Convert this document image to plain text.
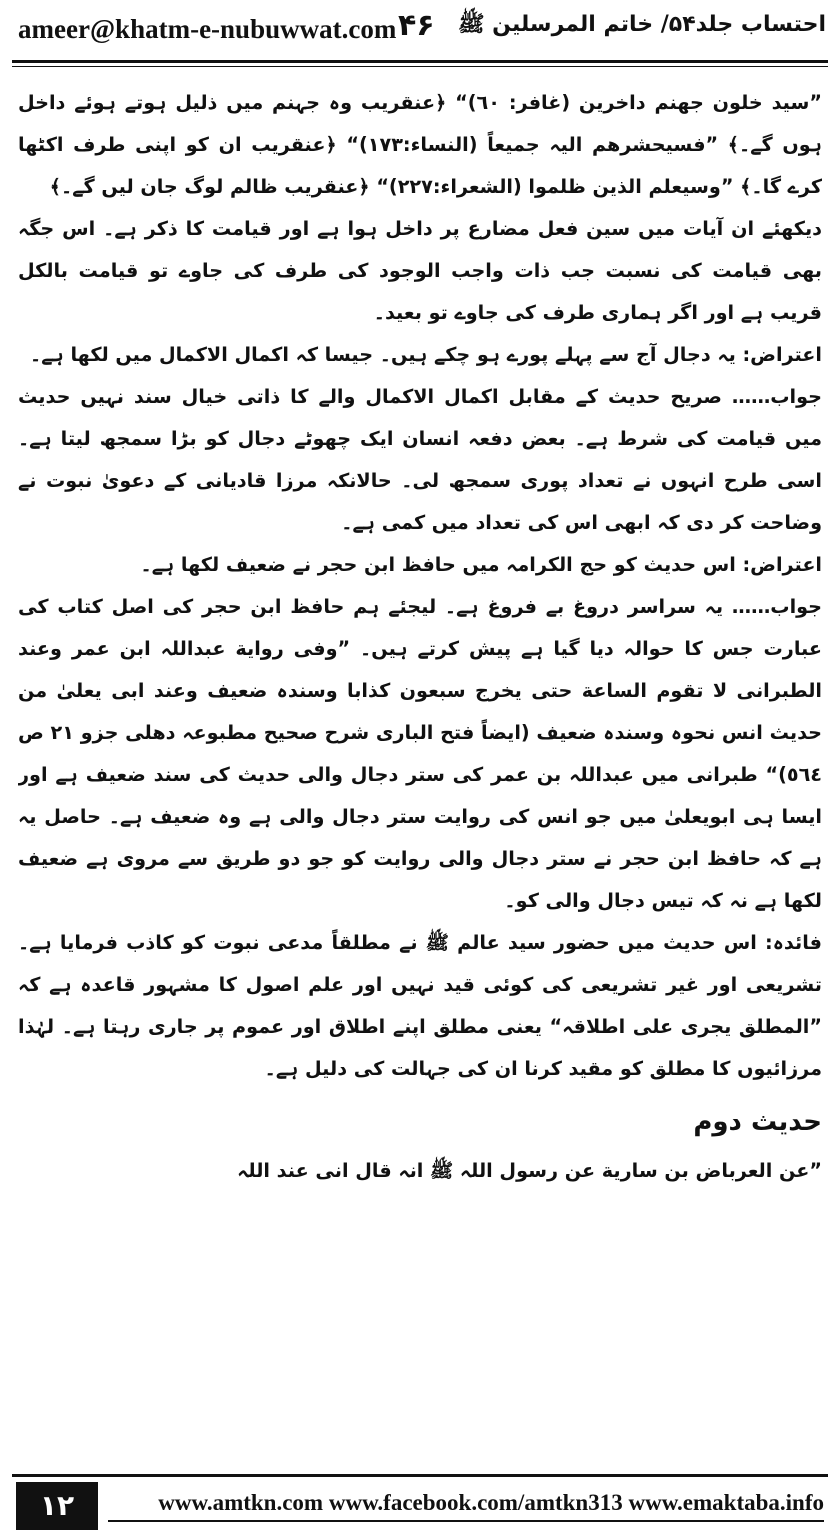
ameer@khatm-e-nubuwwat.com ۴۶ احتساب جلد۵۴/ خاتم المرسلین ﷺ

”سید خلون جھنم داخرین (غافر: ٦٠)“ ﴿عنقریب وہ جہنم میں ذلیل ہوتے ہوئے داخل ہوں گے۔﴾ ”فسیحشرھم الیہ جمیعاً (النساء:١٧٣)“ ﴿عنقریب ان کو اپنی طرف اکٹھا کرے گا۔﴾ ”وسیعلم الذین ظلموا (الشعراء:٢٢٧)“ ﴿عنقریب ظالم لوگ جان لیں گے۔﴾

دیکھئے ان آیات میں سین فعل مضارع پر داخل ہوا ہے اور قیامت کا ذکر ہے۔ اس جگہ بھی قیامت کی نسبت جب ذات واجب الوجود کی طرف کی جاوے تو قیامت بالکل قریب ہے اور اگر ہماری طرف کی جاوے تو بعید۔

اعتراض: یہ دجال آج سے پہلے پورے ہو چکے ہیں۔ جیسا کہ اکمال الاکمال میں لکھا ہے۔

جواب…… صریح حدیث کے مقابل اکمال الاکمال والے کا ذاتی خیال سند نہیں حدیث میں قیامت کی شرط ہے۔ بعض دفعہ انسان ایک چھوٹے دجال کو بڑا سمجھ لیتا ہے۔ اسی طرح انہوں نے تعداد پوری سمجھ لی۔ حالانکہ مرزا قادیانی کے دعویٰ نبوت نے وضاحت کر دی کہ ابھی اس کی تعداد میں کمی ہے۔

اعتراض: اس حدیث کو حج الکرامہ میں حافظ ابن حجر نے ضعیف لکھا ہے۔

جواب…… یہ سراسر دروغ بے فروغ ہے۔ لیجئے ہم حافظ ابن حجر کی اصل کتاب کی عبارت جس کا حوالہ دیا گیا ہے پیش کرتے ہیں۔ ”وفی روایة عبداللہ ابن عمر وعند الطبرانی لا تقوم الساعة حتی یخرج سبعون کذابا وسندہ ضعیف وعند ابی یعلیٰ من حدیث انس نحوہ وسندہ ضعیف (ایضاً فتح الباری شرح صحیح مطبوعہ دھلی جزو ٢١ ص ٥٦٤)“ طبرانی میں عبداللہ بن عمر کی ستر دجال والی حدیث کی سند ضعیف ہے اور ایسا ہی ابویعلیٰ میں جو انس کی روایت ستر دجال والی ہے وہ ضعیف ہے۔ حاصل یہ ہے کہ حافظ ابن حجر نے ستر دجال والی روایت کو جو دو طریق سے مروی ہے ضعیف لکھا ہے نہ کہ تیس دجال والی کو۔

فائدہ: اس حدیث میں حضور سید عالم ﷺ نے مطلقاً مدعی نبوت کو کاذب فرمایا ہے۔ تشریعی اور غیر تشریعی کی کوئی قید نہیں اور علم اصول کا مشہور قاعدہ ہے کہ ”المطلق یجری علی اطلاقہ“ یعنی مطلق اپنے اطلاق اور عموم پر جاری رہتا ہے۔ لہٰذا مرزائیوں کا مطلق کو مقید کرنا ان کی جہالت کی دلیل ہے۔

حدیث دوم

”عن العرباض بن ساریة عن رسول اللہ ﷺ انہ قال انی عند اللہ

۱۲	www.amtkn.com www.facebook.com/amtkn313 www.emaktaba.info
